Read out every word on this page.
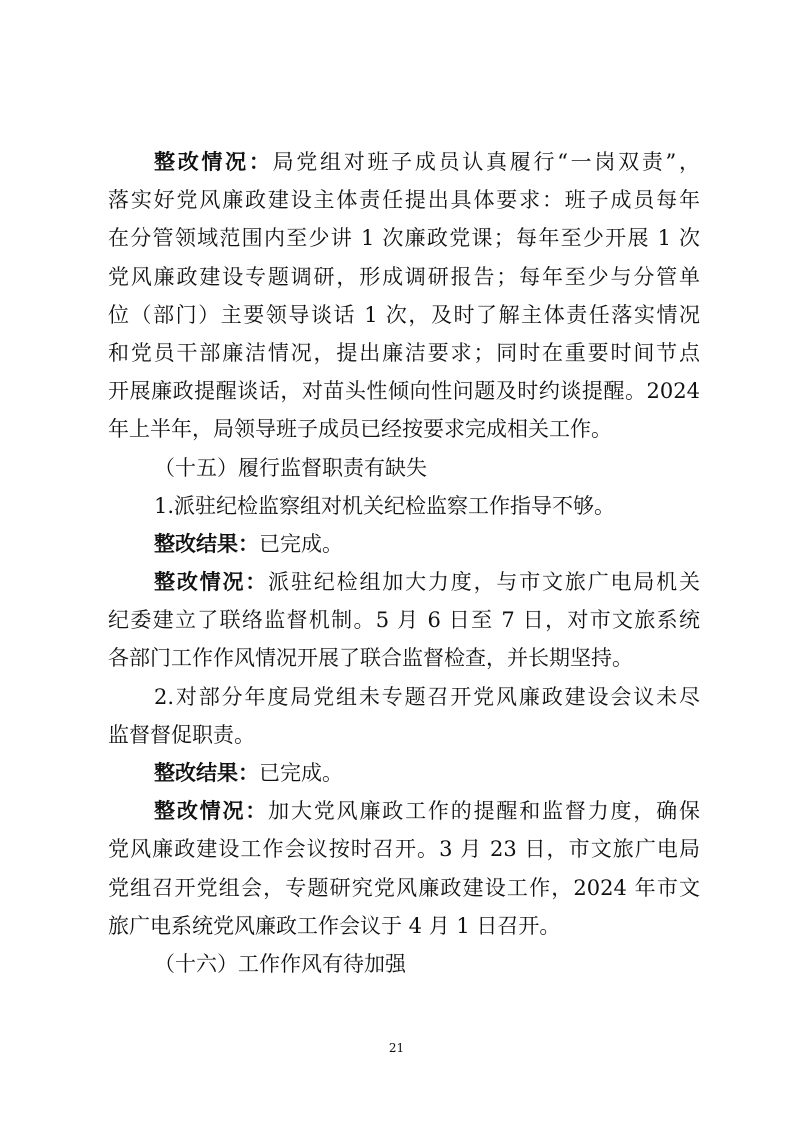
整改情况：局党组对班子成员认真履行“一岗双责”，
落实好党风廉政建设主体责任提出具体要求：班子成员每年
在分管领域范围内至少讲 1 次廉政党课；每年至少开展 1 次
党风廉政建设专题调研，形成调研报告；每年至少与分管单
位（部门）主要领导谈话 1 次，及时了解主体责任落实情况
和党员干部廉洁情况，提出廉洁要求；同时在重要时间节点
开展廉政提醒谈话，对苗头性倾向性问题及时约谈提醒。2024
年上半年，局领导班子成员已经按要求完成相关工作。
（十五）履行监督职责有缺失
1.派驻纪检监察组对机关纪检监察工作指导不够。
整改结果：已完成。
整改情况：派驻纪检组加大力度，与市文旅广电局机关
纪委建立了联络监督机制。5 月 6 日至 7 日，对市文旅系统
各部门工作作风情况开展了联合监督检查，并长期坚持。
2.对部分年度局党组未专题召开党风廉政建设会议未尽
监督督促职责。
整改结果：已完成。
整改情况：加大党风廉政工作的提醒和监督力度，确保
党风廉政建设工作会议按时召开。3 月 23 日，市文旅广电局
党组召开党组会，专题研究党风廉政建设工作，2024 年市文
旅广电系统党风廉政工作会议于 4 月 1 日召开。
（十六）工作作风有待加强
21
